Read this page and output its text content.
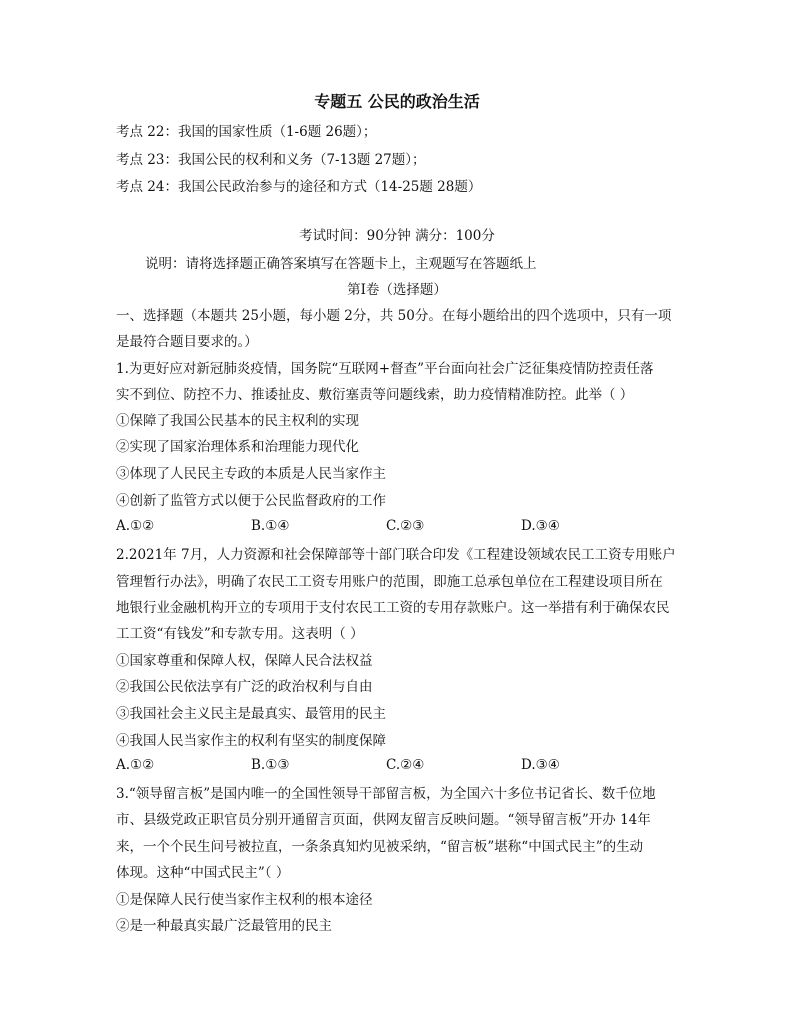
专题五 公民的政治生活
考点 22：我国的国家性质（1-6题 26题）；
考点 23：我国公民的权利和义务（7-13题 27题）；
考点 24：我国公民政治参与的途径和方式（14-25题 28题）
考试时间：90分钟 满分：100分
说明：请将选择题正确答案填写在答题卡上，主观题写在答题纸上
第Ⅰ卷（选择题）
一、选择题（本题共 25小题，每小题 2分，共 50分。在每小题给出的四个选项中，只有一项
是最符合题目要求的。）
1.为更好应对新冠肺炎疫情，国务院“互联网+督查”平台面向社会广泛征集疫情防控责任落
实不到位、防控不力、推诿扯皮、敷衍塞责等问题线索，助力疫情精准防控。此举（ ）
①保障了我国公民基本的民主权利的实现
②实现了国家治理体系和治理能力现代化
③体现了人民民主专政的本质是人民当家作主
④创新了监管方式以便于公民监督政府的工作
A.①②	B.①④	C.②③	D.③④
2.2021年 7月，人力资源和社会保障部等十部门联合印发《工程建设领域农民工工资专用账户
管理暂行办法》，明确了农民工工资专用账户的范围，即施工总承包单位在工程建设项目所在
地银行业金融机构开立的专项用于支付农民工工资的专用存款账户。这一举措有利于确保农民
工工资“有钱发”和专款专用。这表明（ ）
①国家尊重和保障人权，保障人民合法权益
②我国公民依法享有广泛的政治权利与自由
③我国社会主义民主是最真实、最管用的民主
④我国人民当家作主的权利有坚实的制度保障
A.①②	B.①③	C.②④	D.③④
3.“领导留言板”是国内唯一的全国性领导干部留言板，为全国六十多位书记省长、数千位地
市、县级党政正职官员分别开通留言页面，供网友留言反映问题。“领导留言板”开办 14年
来，一个个民生问号被拉直，一条条真知灼见被采纳，“留言板”堪称“中国式民主”的生动
体现。这种“中国式民主”（ ）
①是保障人民行使当家作主权利的根本途径
②是一种最真实最广泛最管用的民主
